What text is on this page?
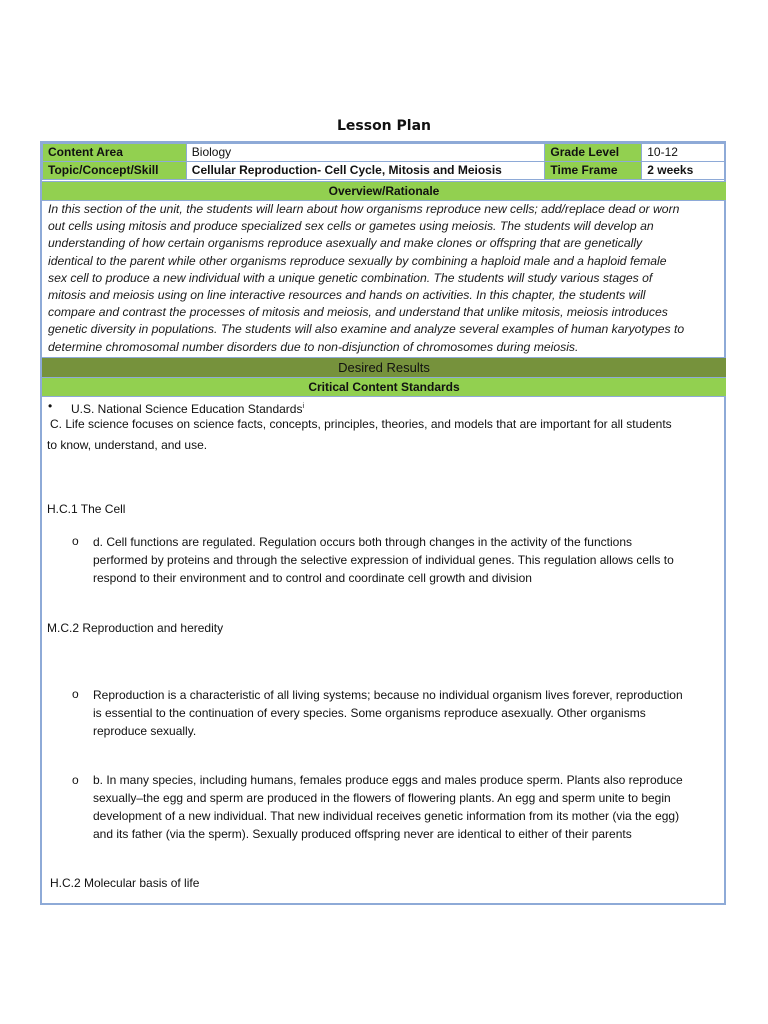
Lesson Plan
Content Area	Biology	Grade Level	10-12
Topic/Concept/Skill	Cellular Reproduction- Cell Cycle, Mitosis and Meiosis	Time Frame	2 weeks
Overview/Rationale
In this section of the unit, the students will learn about how organisms reproduce new cells; add/replace dead or worn
out cells using mitosis and produce specialized sex cells or gametes using meiosis. The students will develop an
understanding of how certain organisms reproduce asexually and make clones or offspring that are genetically
identical to the parent while other organisms reproduce sexually by combining a haploid male and a haploid female
sex cell to produce a new individual with a unique genetic combination. The students will study various stages of
mitosis and meiosis using on line interactive resources and hands on activities. In this chapter, the students will
compare and contrast the processes of mitosis and meiosis, and understand that unlike mitosis, meiosis introduces
genetic diversity in populations. The students will also examine and analyze several examples of human karyotypes to
determine chromosomal number disorders due to non-disjunction of chromosomes during meiosis.
Desired Results
Critical Content Standards
• U.S. National Science Education Standards$^i$
C. Life science focuses on science facts, concepts, principles, theories, and models that are important for all students
to know, understand, and use.
H.C.1 The Cell
o d. Cell functions are regulated. Regulation occurs both through changes in the activity of the functions
performed by proteins and through the selective expression of individual genes. This regulation allows cells to
respond to their environment and to control and coordinate cell growth and division
M.C.2 Reproduction and heredity
o Reproduction is a characteristic of all living systems; because no individual organism lives forever, reproduction
is essential to the continuation of every species. Some organisms reproduce asexually. Other organisms
reproduce sexually.
o b. In many species, including humans, females produce eggs and males produce sperm. Plants also reproduce
sexually–the egg and sperm are produced in the flowers of flowering plants. An egg and sperm unite to begin
development of a new individual. That new individual receives genetic information from its mother (via the egg)
and its father (via the sperm). Sexually produced offspring never are identical to either of their parents
H.C.2 Molecular basis of life
